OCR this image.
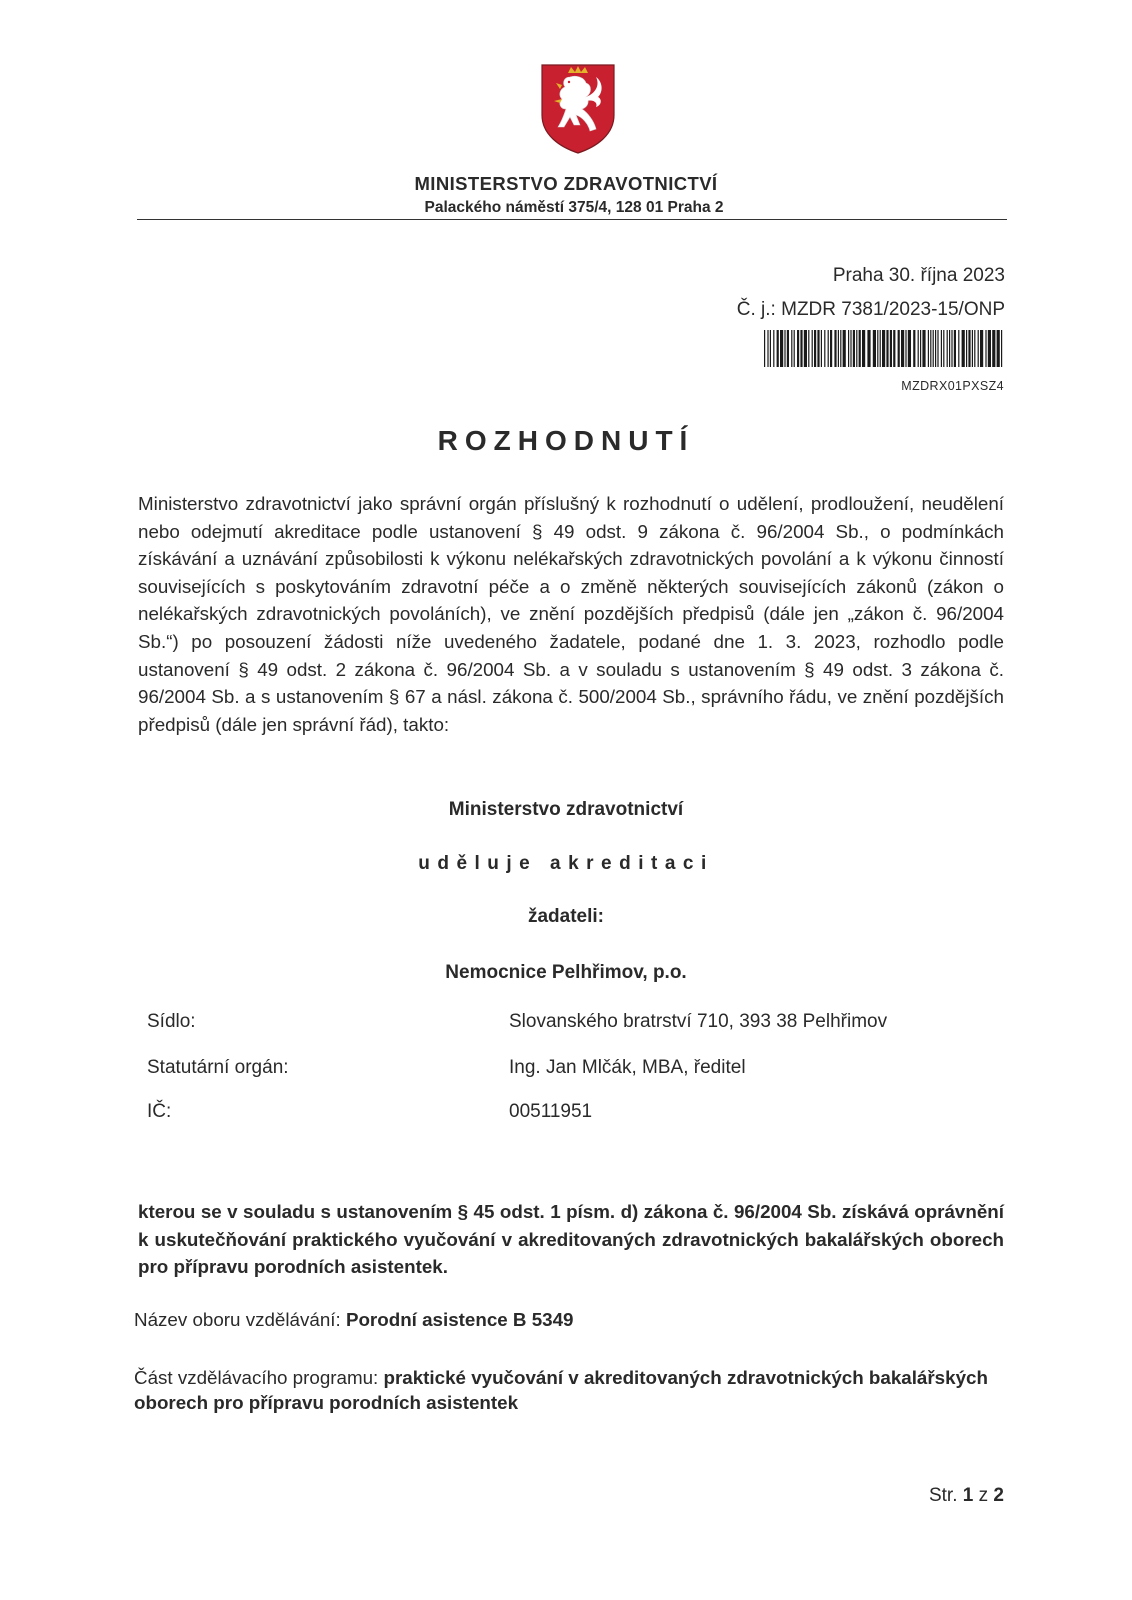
MINISTERSTVO ZDRAVOTNICTVÍ
Palackého náměstí 375/4, 128 01 Praha 2
Praha 30. října 2023
Č. j.: MZDR 7381/2023-15/ONP
MZDRX01PXSZ4
ROZHODNUTÍ

Ministerstvo zdravotnictví jako správní orgán příslušný k rozhodnutí o udělení, prodloužení, neudělení nebo odejmutí akreditace podle ustanovení § 49 odst. 9 zákona č. 96/2004 Sb., o podmínkách získávání a uznávání způsobilosti k výkonu nelékařských zdravotnických povolání a k výkonu činností souvisejících s poskytováním zdravotní péče a o změně některých souvisejících zákonů (zákon o nelékařských zdravotnických povoláních), ve znění pozdějších předpisů (dále jen „zákon č. 96/2004 Sb.“) po posouzení žádosti níže uvedeného žadatele, podané dne 1. 3. 2023, rozhodlo podle ustanovení § 49 odst. 2 zákona č. 96/2004 Sb. a v souladu s ustanovením § 49 odst. 3 zákona č. 96/2004 Sb. a s ustanovením § 67 a násl. zákona č. 500/2004 Sb., správního řádu, ve znění pozdějších předpisů (dále jen správní řád), takto:

Ministerstvo zdravotnictví
uděluje akreditaci
žadateli:
Nemocnice Pelhřimov, p.o.
Sídlo:	Slovanského bratrství 710, 393 38 Pelhřimov
Statutární orgán:	Ing. Jan Mlčák, MBA, ředitel
IČ:	00511951

kterou se v souladu s ustanovením § 45 odst. 1 písm. d) zákona č. 96/2004 Sb. získává oprávnění k uskutečňování praktického vyučování v akreditovaných zdravotnických bakalářských oborech pro přípravu porodních asistentek.

Název oboru vzdělávání: Porodní asistence B 5349
Část vzdělávacího programu: praktické vyučování v akreditovaných zdravotnických bakalářských oborech pro přípravu porodních asistentek
Str. 1 z 2
